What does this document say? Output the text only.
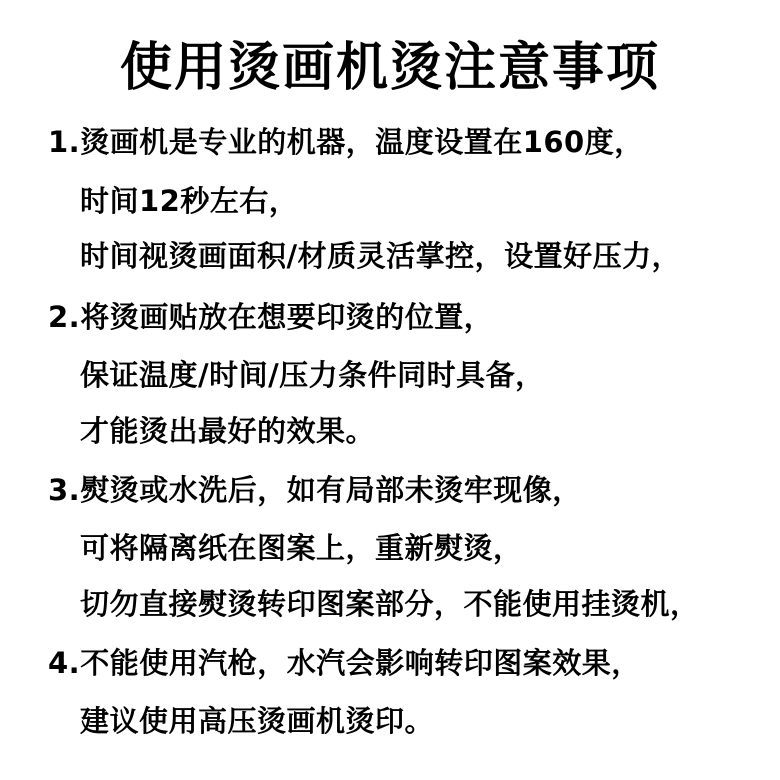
使用烫画机烫注意事项
1.烫画机是专业的机器，温度设置在160度，
时间12秒左右，
时间视烫画面积/材质灵活掌控，设置好压力，
2.将烫画贴放在想要印烫的位置，
保证温度/时间/压力条件同时具备，
才能烫出最好的效果。
3.熨烫或水洗后，如有局部未烫牢现像，
可将隔离纸在图案上，重新熨烫，
切勿直接熨烫转印图案部分，不能使用挂烫机，
4.不能使用汽枪，水汽会影响转印图案效果，
建议使用高压烫画机烫印。
